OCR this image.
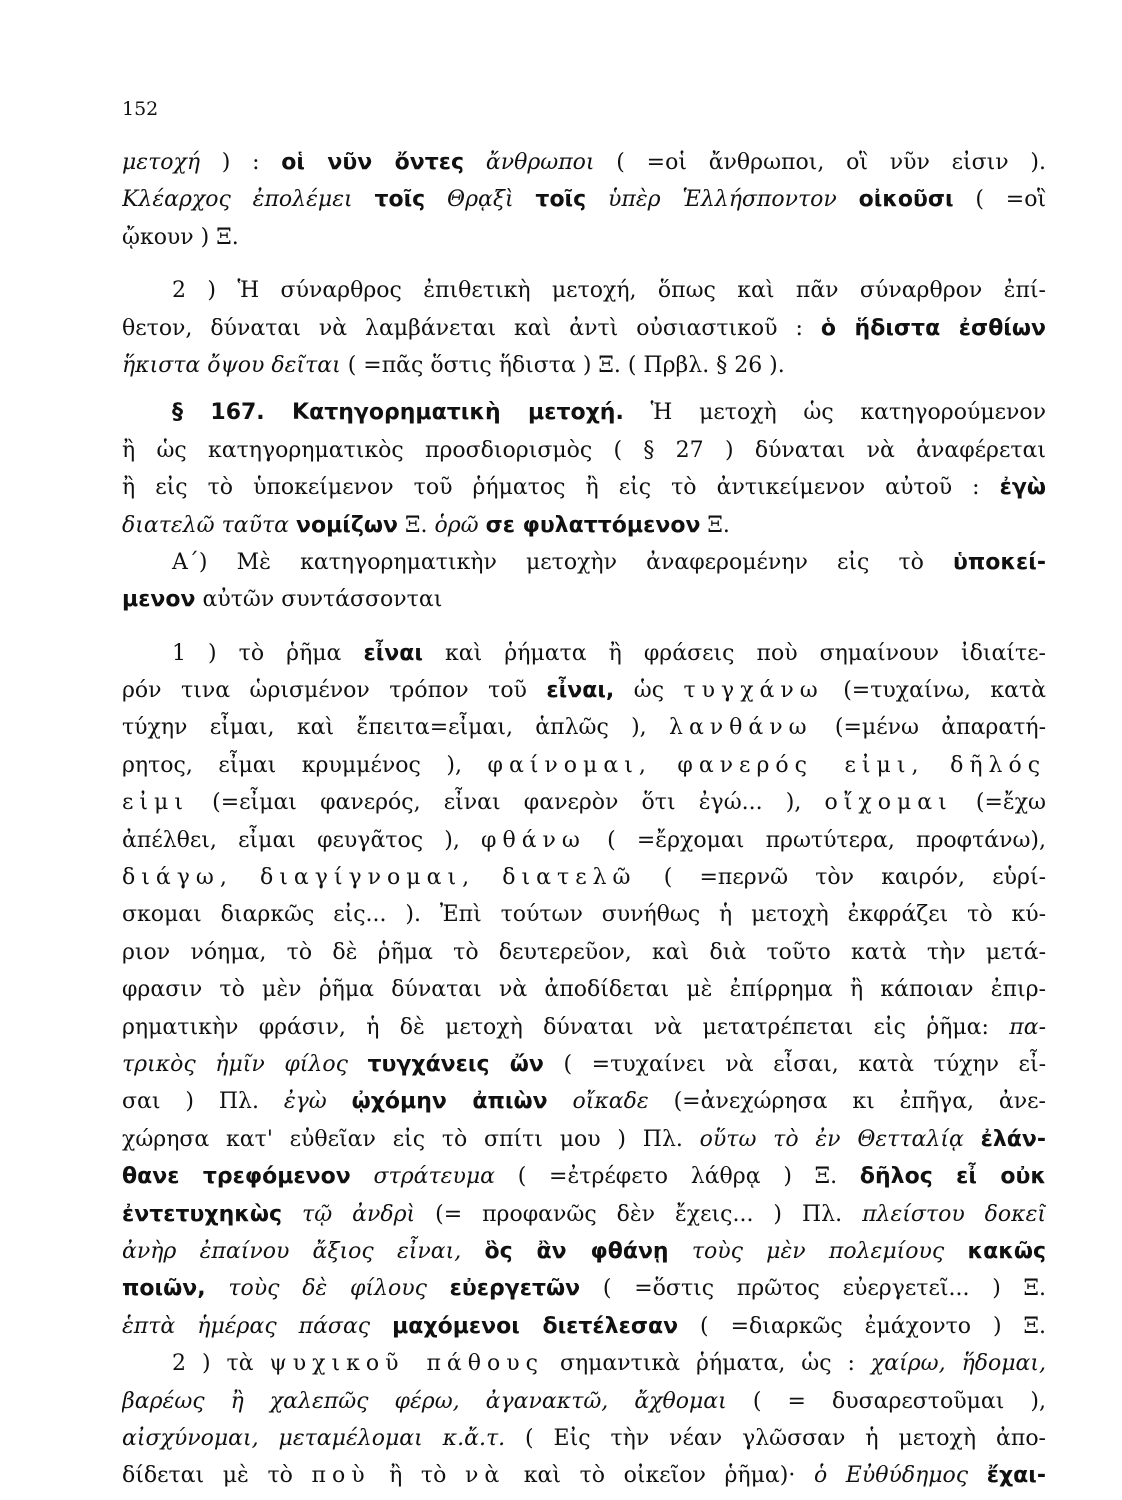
152
μετοχή ) : οἱ νῦν ὄντες ἄνθρωποι ( =οἱ ἄνθρωποι, οἳ νῦν εἰσιν ).
Κλέαρχος ἐπολέμει τοῖς Θρᾳξὶ τοῖς ὑπὲρ Ἑλλήσποντον οἰκοῦσι ( =οἳ
ᾤκουν ) Ξ.
2 ) Ἡ σύναρθρος ἐπιθετικὴ μετοχή, ὅπως καὶ πᾶν σύναρθρον ἐπί-
θετον, δύναται νὰ λαμβάνεται καὶ ἀντὶ οὐσιαστικοῦ : ὁ ἥδιστα ἐσθίων
ἥκιστα ὄψου δεῖται ( =πᾶς ὅστις ἥδιστα ) Ξ. ( Πρβλ. § 26 ).
§ 167. Κατηγορηματικὴ μετοχή. Ἡ μετοχὴ ὡς κατηγορούμενον
ἢ ὡς κατηγορηματικὸς προσδιορισμὸς ( § 27 ) δύναται νὰ ἀναφέρεται
ἢ εἰς τὸ ὑποκείμενον τοῦ ῥήματος ἢ εἰς τὸ ἀντικείμενον αὐτοῦ : ἐγὼ
διατελῶ ταῦτα νομίζων Ξ. ὁρῶ σε φυλαττόμενον Ξ.
Α΄) Μὲ κατηγορηματικὴν μετοχὴν ἀναφερομένην εἰς τὸ ὑποκεί-
μενον αὐτῶν συντάσσονται
1 ) τὸ ῥῆμα εἶναι καὶ ῥήματα ἢ φράσεις ποὺ σημαίνουν ἰδιαίτε-
ρόν τινα ὡρισμένον τρόπον τοῦ εἶναι, ὡς τυγχάνω (=τυχαίνω, κατὰ
τύχην εἶμαι, καὶ ἔπειτα=εἶμαι, ἁπλῶς ), λανθάνω (=μένω ἀπαρατή-
ρητος, εἶμαι κρυμμένος ), φαίνομαι, φανερός εἰμι, δῆλός
εἰμι (=εἶμαι φανερός, εἶναι φανερὸν ὅτι ἐγώ... ), οἴχομαι (=ἔχω
ἀπέλθει, εἶμαι φευγᾶτος ), φθάνω ( =ἔρχομαι πρωτύτερα, προφτάνω),
διάγω, διαγίγνομαι, διατελῶ ( =περνῶ τὸν καιρόν, εὑρί-
σκομαι διαρκῶς εἰς... ). Ἐπὶ τούτων συνήθως ἡ μετοχὴ ἐκφράζει τὸ κύ-
ριον νόημα, τὸ δὲ ῥῆμα τὸ δευτερεῦον, καὶ διὰ τοῦτο κατὰ τὴν μετά-
φρασιν τὸ μὲν ῥῆμα δύναται νὰ ἀποδίδεται μὲ ἐπίρρημα ἢ κάποιαν ἐπιρ-
ρηματικὴν φράσιν, ἡ δὲ μετοχὴ δύναται νὰ μετατρέπεται εἰς ῥῆμα: πα-
τρικὸς ἡμῖν φίλος τυγχάνεις ὤν ( =τυχαίνει νὰ εἶσαι, κατὰ τύχην εἶ-
σαι ) Πλ. ἐγὼ ᾠχόμην ἀπιὼν οἴκαδε (=ἀνεχώρησα κι ἐπῆγα, ἀνε-
χώρησα κατ' εὐθεῖαν εἰς τὸ σπίτι μου ) Πλ. οὕτω τὸ ἐν Θετταλίᾳ ἐλάν-
θανε τρεφόμενον στράτευμα ( =ἐτρέφετο λάθρᾳ ) Ξ. δῆλος εἶ οὐκ
ἐντετυχηκὼς τῷ ἀνδρὶ (= προφανῶς δὲν ἔχεις... ) Πλ. πλείστου δοκεῖ
ἀνὴρ ἐπαίνου ἄξιος εἶναι, ὃς ἂν φθάνῃ τοὺς μὲν πολεμίους κακῶς
ποιῶν, τοὺς δὲ φίλους εὐεργετῶν ( =ὅστις πρῶτος εὐεργετεῖ... ) Ξ.
ἑπτὰ ἡμέρας πάσας μαχόμενοι διετέλεσαν ( =διαρκῶς ἐμάχοντο ) Ξ.
2 ) τὰ ψυχικοῦ πάθους σημαντικὰ ῥήματα, ὡς : χαίρω, ἥδομαι,
βαρέως ἢ χαλεπῶς φέρω, ἀγανακτῶ, ἄχθομαι ( = δυσαρεστοῦμαι ),
αἰσχύνομαι, μεταμέλομαι κ.ἄ.τ. ( Εἰς τὴν νέαν γλῶσσαν ἡ μετοχὴ ἀπο-
δίδεται μὲ τὸ ποὺ ἢ τὸ νὰ καὶ τὸ οἰκεῖον ῥῆμα)· ὁ Εὐθύδημος ἔχαι-
